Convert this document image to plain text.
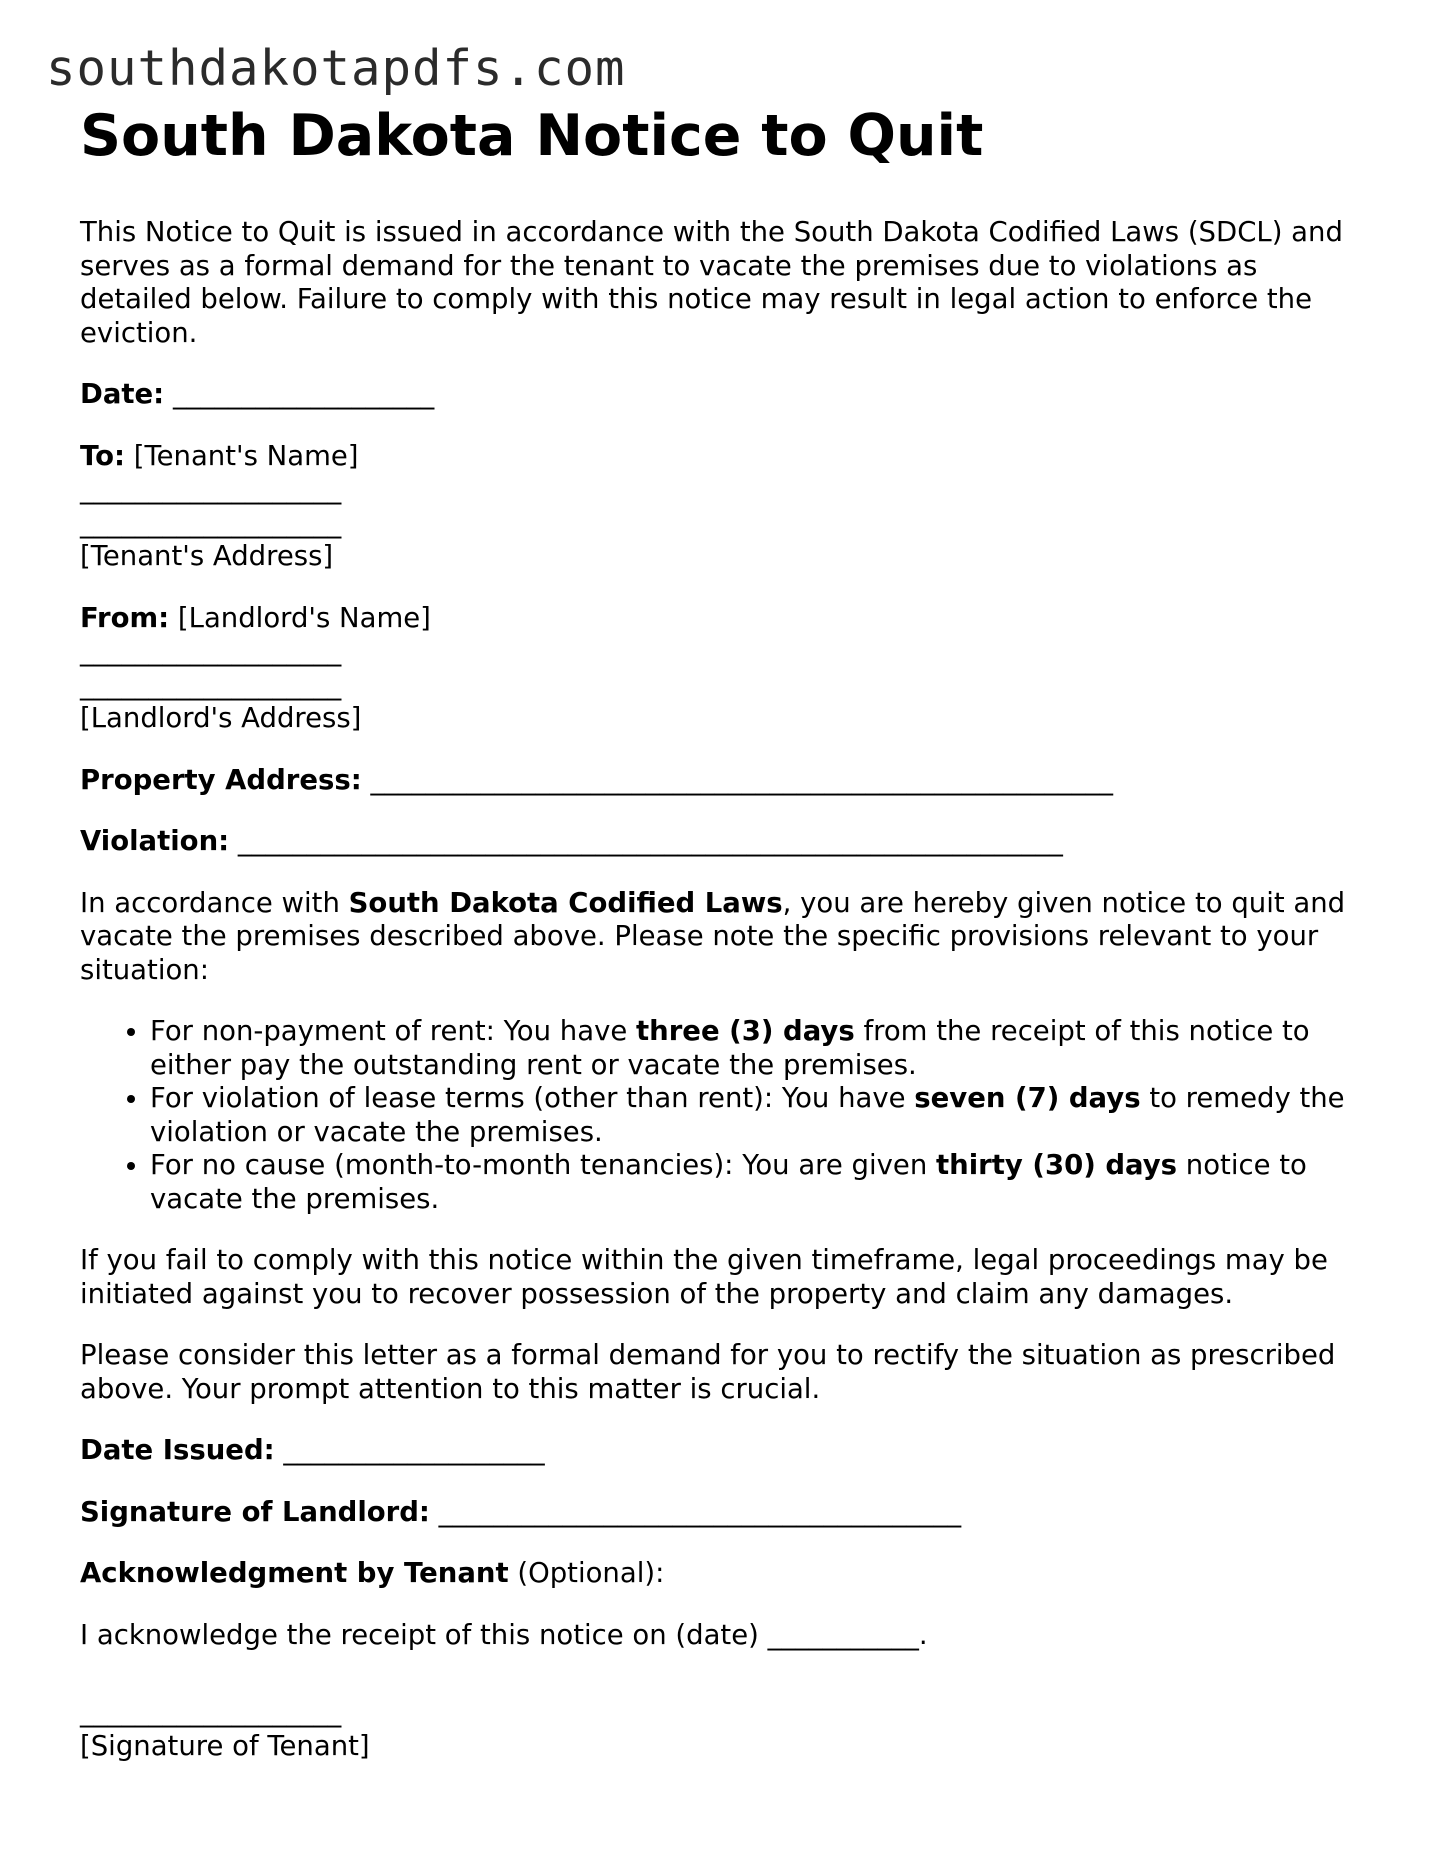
southdakotapdfs.com
South Dakota Notice to Quit

This Notice to Quit is issued in accordance with the South Dakota Codified Laws (SDCL) and serves as a formal demand for the tenant to vacate the premises due to violations as detailed below. Failure to comply with this notice may result in legal action to enforce the eviction.

Date: ___________________

To: [Tenant's Name]
___________________
___________________
[Tenant's Address]
From: [Landlord's Name]
___________________
___________________
[Landlord's Address]

Property Address: ______________________________________________________

Violation: ____________________________________________________________

In accordance with South Dakota Codified Laws, you are hereby given notice to quit and vacate the premises described above. Please note the specific provisions relevant to your situation:

• For non-payment of rent: You have three (3) days from the receipt of this notice to either pay the outstanding rent or vacate the premises.
• For violation of lease terms (other than rent): You have seven (7) days to remedy the violation or vacate the premises.
• For no cause (month-to-month tenancies): You are given thirty (30) days notice to vacate the premises.

If you fail to comply with this notice within the given timeframe, legal proceedings may be initiated against you to recover possession of the property and claim any damages.

Please consider this letter as a formal demand for you to rectify the situation as prescribed above. Your prompt attention to this matter is crucial.

Date Issued: ___________________

Signature of Landlord: ______________________________________

Acknowledgment by Tenant (Optional):

I acknowledge the receipt of this notice on (date) ___________.

___________________
[Signature of Tenant]
